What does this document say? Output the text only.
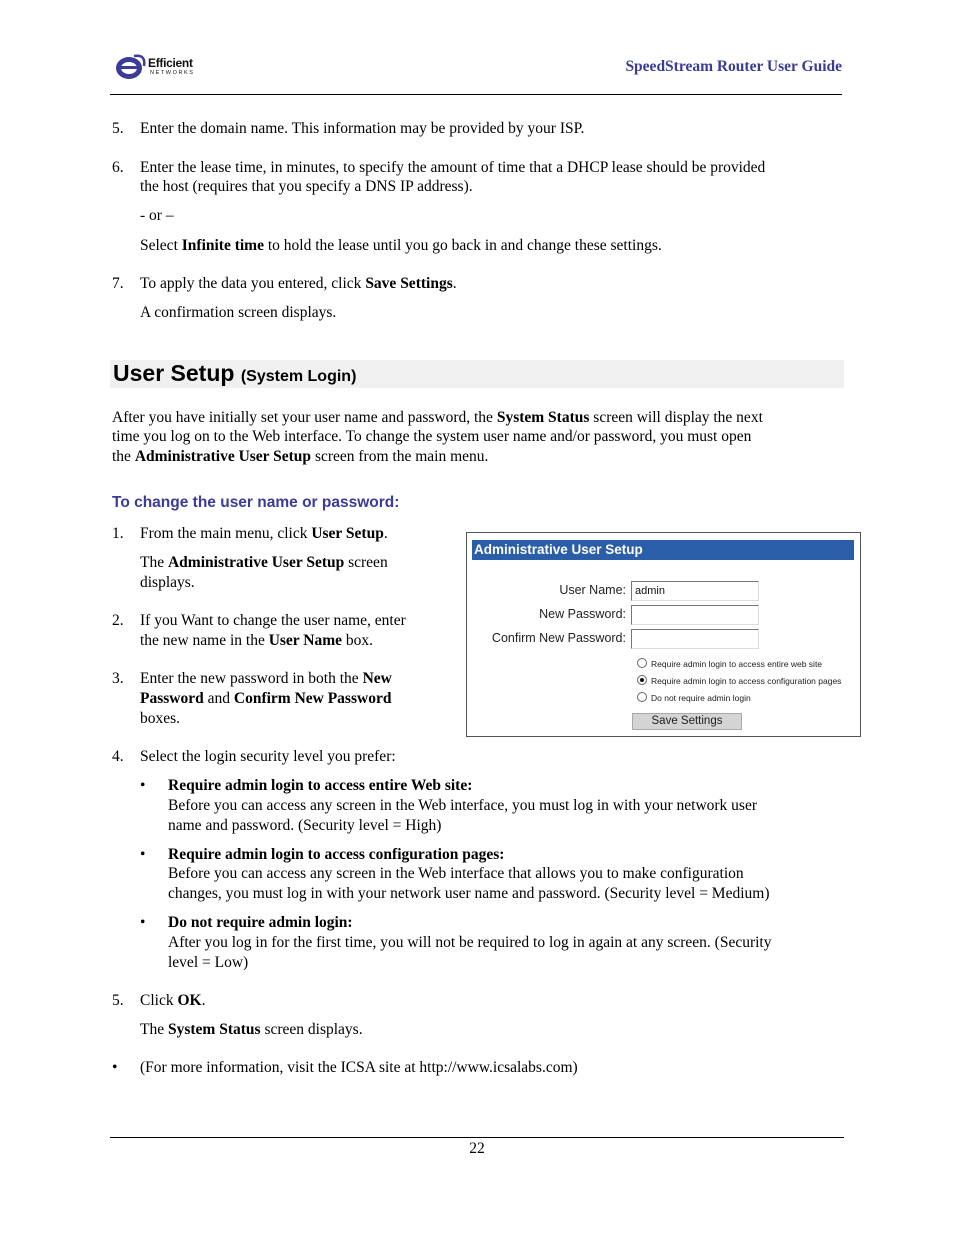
Efficient
NETWORKS	SpeedStream Router User Guide
5. Enter the domain name. This information may be provided by your ISP.
6. Enter the lease time, in minutes, to specify the amount of time that a DHCP lease should be provided
the host (requires that you specify a DNS IP address).
- or –
Select Infinite time to hold the lease until you go back in and change these settings.
7. To apply the data you entered, click Save Settings.
A confirmation screen displays.
User Setup (System Login)
After you have initially set your user name and password, the System Status screen will display the next
time you log on to the Web interface. To change the system user name and/or password, you must open
the Administrative User Setup screen from the main menu.
To change the user name or password:
1. From the main menu, click User Setup.
The Administrative User Setup screen
displays.
2. If you Want to change the user name, enter
the new name in the User Name box.
3. Enter the new password in both the New
Password and Confirm New Password
boxes.
Administrative User Setup
User Name: admin
New Password:
Confirm New Password:
Require admin login to access entire web site
Require admin login to access configuration pages
Do not require admin login
Save Settings
4. Select the login security level you prefer:
• Require admin login to access entire Web site:
Before you can access any screen in the Web interface, you must log in with your network user
name and password. (Security level = High)
• Require admin login to access configuration pages:
Before you can access any screen in the Web interface that allows you to make configuration
changes, you must log in with your network user name and password. (Security level = Medium)
• Do not require admin login:
After you log in for the first time, you will not be required to log in again at any screen. (Security
level = Low)
5. Click OK.
The System Status screen displays.
• (For more information, visit the ICSA site at http://www.icsalabs.com)
22
